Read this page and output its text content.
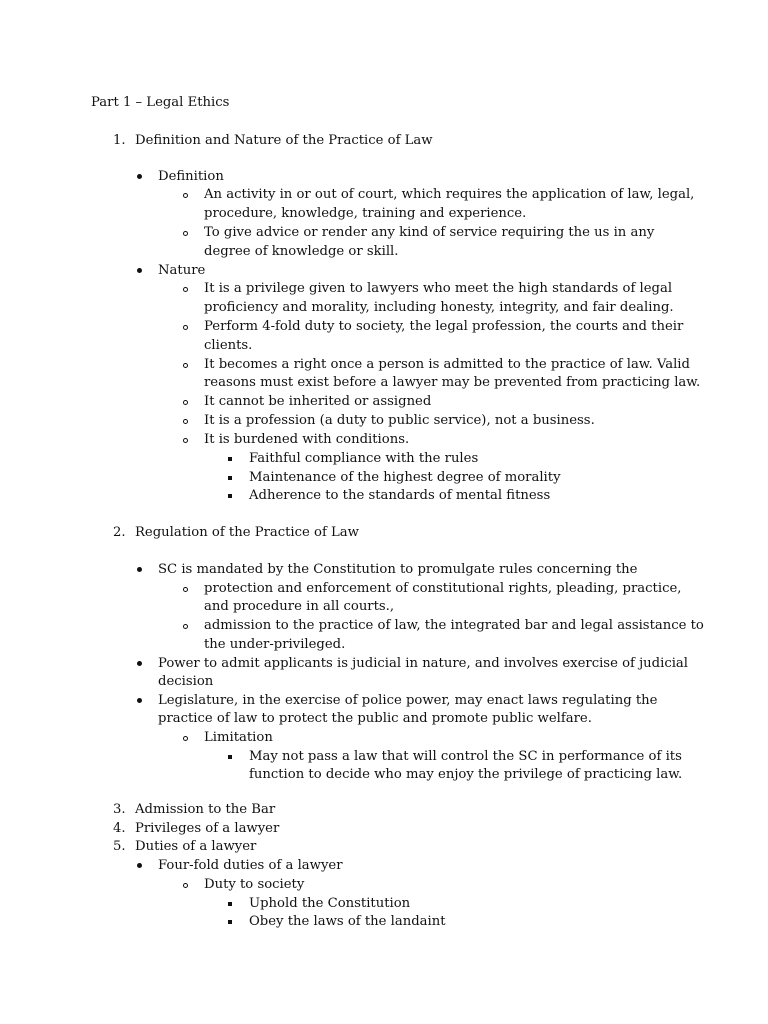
Part 1 – Legal Ethics
1. Definition and Nature of the Practice of Law
Definition
An activity in or out of court, which requires the application of law, legal,
procedure, knowledge, training and experience.
To give advice or render any kind of service requiring the us in any
degree of knowledge or skill.
Nature
It is a privilege given to lawyers who meet the high standards of legal
proficiency and morality, including honesty, integrity, and fair dealing.
Perform 4-fold duty to society, the legal profession, the courts and their
clients.
It becomes a right once a person is admitted to the practice of law. Valid
reasons must exist before a lawyer may be prevented from practicing law.
It cannot be inherited or assigned
It is a profession (a duty to public service), not a business.
It is burdened with conditions.
Faithful compliance with the rules
Maintenance of the highest degree of morality
Adherence to the standards of mental fitness
2. Regulation of the Practice of Law
SC is mandated by the Constitution to promulgate rules concerning the
protection and enforcement of constitutional rights, pleading, practice,
and procedure in all courts.,
admission to the practice of law, the integrated bar and legal assistance to
the under-privileged.
Power to admit applicants is judicial in nature, and involves exercise of judicial
decision
Legislature, in the exercise of police power, may enact laws regulating the
practice of law to protect the public and promote public welfare.
Limitation
May not pass a law that will control the SC in performance of its
function to decide who may enjoy the privilege of practicing law.
3. Admission to the Bar
4. Privileges of a lawyer
5. Duties of a lawyer
Four-fold duties of a lawyer
Duty to society
Uphold the Constitution
Obey the laws of the landaint
